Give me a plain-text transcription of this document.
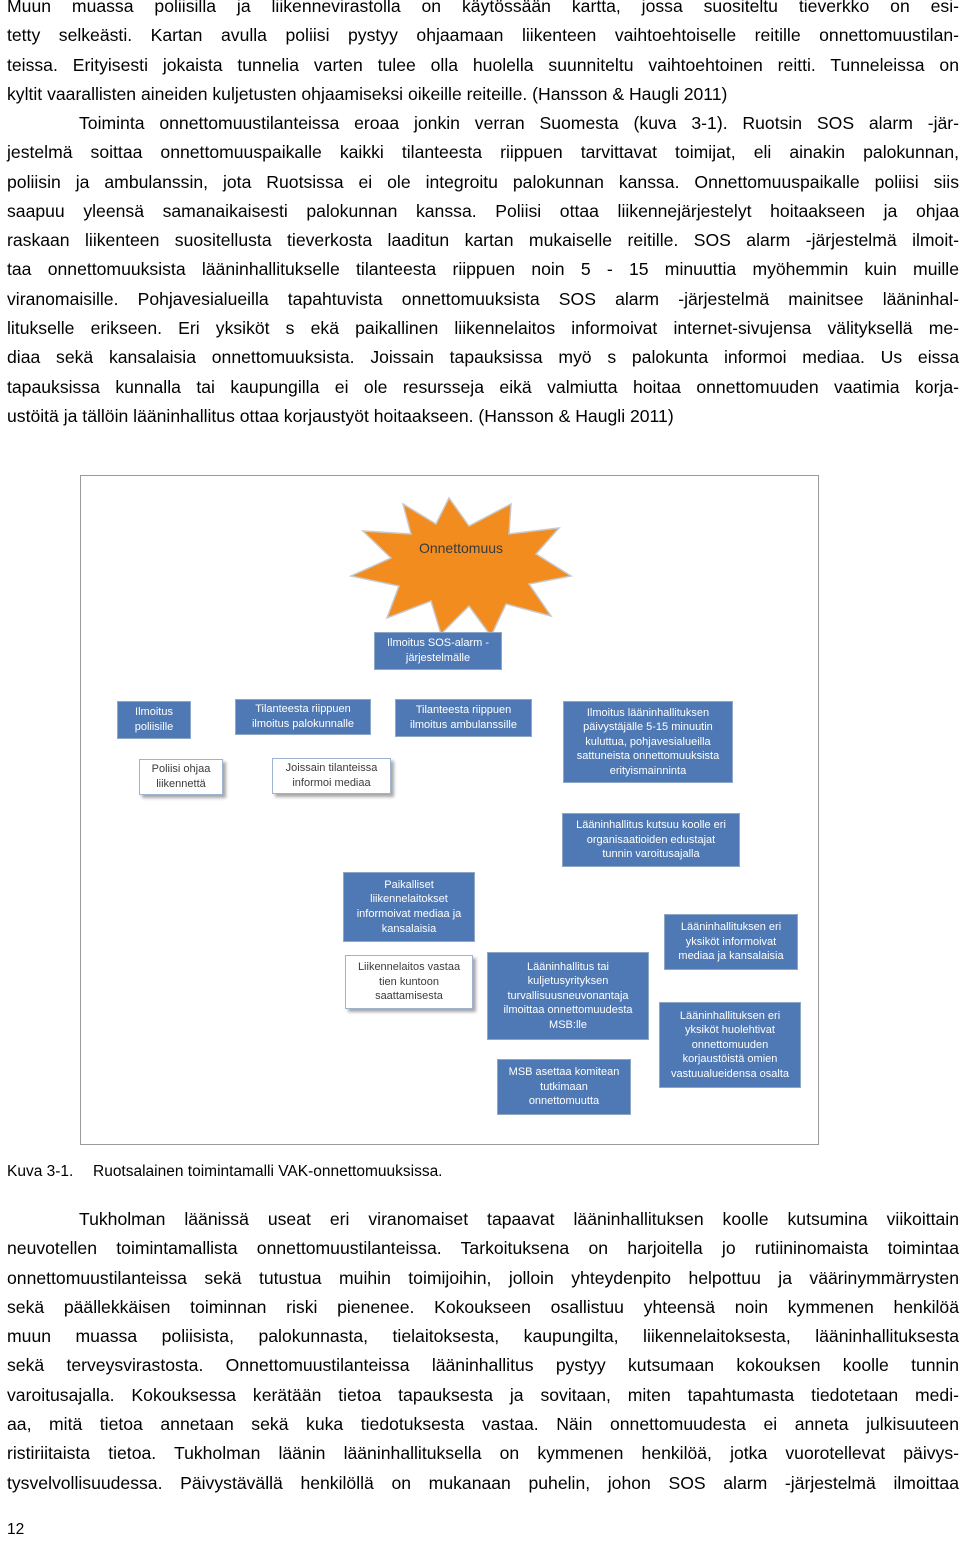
Muun muassa poliisilla ja liikennevirastolla on käytössään kartta, jossa suositeltu tieverkko on esi-
tetty selkeästi. Kartan avulla poliisi pystyy ohjaamaan liikenteen vaihtoehtoiselle reitille onnettomuustilan-
teissa. Erityisesti jokaista tunnelia varten tulee olla huolella suunniteltu vaihtoehtoinen reitti. Tunneleissa on
kyltit vaarallisten aineiden kuljetusten ohjaamiseksi oikeille reiteille. (Hansson & Haugli 2011)
Toiminta onnettomuustilanteissa eroaa jonkin verran Suomesta (kuva 3-1). Ruotsin SOS alarm -jär-
jestelmä soittaa onnettomuuspaikalle kaikki tilanteesta riippuen tarvittavat toimijat, eli ainakin palokunnan,
poliisin ja ambulanssin, jota Ruotsissa ei ole integroitu palokunnan kanssa. Onnettomuuspaikalle poliisi siis
saapuu yleensä samanaikaisesti palokunnan kanssa. Poliisi ottaa liikennejärjestelyt hoitaakseen ja ohjaa
raskaan liikenteen suositellusta tieverkosta laaditun kartan mukaiselle reitille. SOS alarm -järjestelmä ilmoit-
taa onnettomuuksista lääninhallitukselle tilanteesta riippuen noin 5 - 15 minuuttia myöhemmin kuin muille
viranomaisille. Pohjavesialueilla tapahtuvista onnettomuuksista SOS alarm -järjestelmä mainitsee lääninhal-
litukselle erikseen. Eri yksiköt s ekä paikallinen liikennelaitos informoivat internet-sivujensa välityksellä me-
diaa sekä kansalaisia onnettomuuksista. Joissain tapauksissa myö s palokunta informoi mediaa. Us eissa
tapauksissa kunnalla tai kaupungilla ei ole resursseja eikä valmiutta hoitaa onnettomuuden vaatimia korja-
ustöitä ja tällöin lääninhallitus ottaa korjaustyöt hoitaakseen. (Hansson & Haugli 2011)
Onnettomuus
Ilmoitus SOS-alarm -
järjestelmälle
Ilmoitus
poliisille
Poliisi ohjaa
liikennettä
Tilanteesta riippuen
ilmoitus palokunnalle
Joissain tilanteissa
informoi mediaa
Tilanteesta riippuen
ilmoitus ambulanssille
Ilmoitus lääninhallituksen
päivystäjälle 5-15 minuutin
kuluttua, pohjavesialueilla
sattuneista onnettomuuksista
erityismainninta
Lääninhallitus kutsuu koolle eri
organisaatioiden edustajat
tunnin varoitusajalla
Paikalliset
liikennelaitokset
informoivat mediaa ja
kansalaisia
Liikennelaitos vastaa
tien kuntoon
saattamisesta
Lääninhallitus tai
kuljetusyrityksen
turvallisuusneuvonantaja
ilmoittaa onnettomuudesta
MSB:lle
MSB asettaa komitean
tutkimaan
onnettomuutta
Lääninhallituksen eri
yksiköt informoivat
mediaa ja kansalaisia
Lääninhallituksen eri
yksiköt huolehtivat
onnettomuuden
korjaustöistä omien
vastuualueidensa osalta
Kuva 3-1. Ruotsalainen toimintamalli VAK-onnettomuuksissa.
Tukholman läänissä useat eri viranomaiset tapaavat lääninhallituksen koolle kutsumina viikoittain
neuvotellen toimintamallista onnettomuustilanteissa. Tarkoituksena on harjoitella jo rutiininomaista toimintaa
onnettomuustilanteissa sekä tutustua muihin toimijoihin, jolloin yhteydenpito helpottuu ja väärinymmärrysten
sekä päällekkäisen toiminnan riski pienenee. Kokoukseen osallistuu yhteensä noin kymmenen henkilöä
muun muassa poliisista, palokunnasta, tielaitoksesta, kaupungilta, liikennelaitoksesta, lääninhallituksesta
sekä terveysvirastosta. Onnettomuustilanteissa lääninhallitus pystyy kutsumaan kokouksen koolle tunnin
varoitusajalla. Kokouksessa kerätään tietoa tapauksesta ja sovitaan, miten tapahtumasta tiedotetaan medi-
aa, mitä tietoa annetaan sekä kuka tiedotuksesta vastaa. Näin onnettomuudesta ei anneta julkisuuteen
ristiriitaista tietoa. Tukholman läänin lääninhallituksella on kymmenen henkilöä, jotka vuorotellevat päivys-
tysvelvollisuudessa. Päivystävällä henkilöllä on mukanaan puhelin, johon SOS alarm -järjestelmä ilmoittaa
12
